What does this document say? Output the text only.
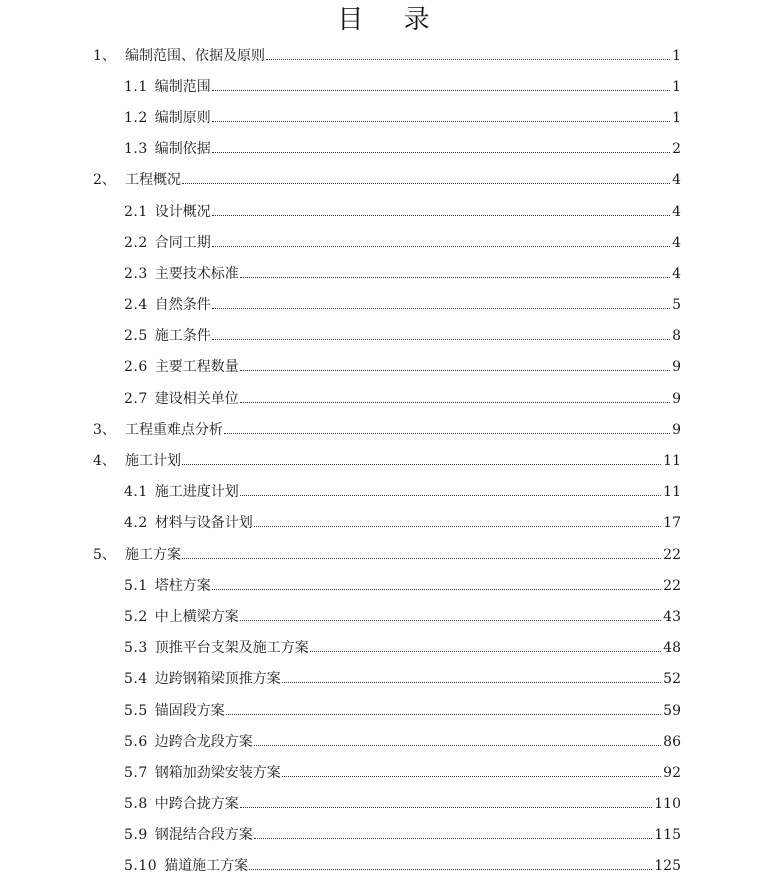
目 录
1、 编制范围、依据及原则	1
1.1 编制范围	1
1.2 编制原则	1
1.3 编制依据	2
2、 工程概况	4
2.1 设计概况	4
2.2 合同工期	4
2.3 主要技术标准	4
2.4 自然条件	5
2.5 施工条件	8
2.6 主要工程数量	9
2.7 建设相关单位	9
3、 工程重难点分析	9
4、 施工计划	11
4.1 施工进度计划	11
4.2 材料与设备计划	17
5、 施工方案	22
5.1 塔柱方案	22
5.2 中上横梁方案	43
5.3 顶推平台支架及施工方案	48
5.4 边跨钢箱梁顶推方案	52
5.5 锚固段方案	59
5.6 边跨合龙段方案	86
5.7 钢箱加劲梁安装方案	92
5.8 中跨合拢方案	110
5.9 钢混结合段方案	115
5.10 猫道施工方案	125
